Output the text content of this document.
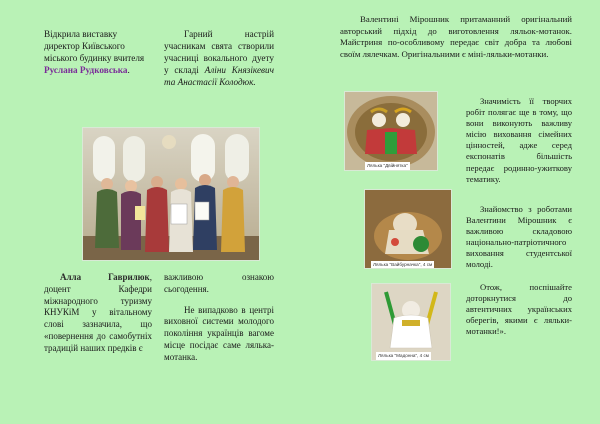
Відкрила виставку директор Київського міського будинку вчителя Руслана Рудковська.
Гарний настрій учасникам свята створили учасниці вокального дуету у складі Аліни Князікевич та Анастасії Колодюк.
Алла Гаврилюк, доцент Кафедри міжнародного туризму КНУКіМ у вітальному слові зазначила, що «повернення до самобутніх традицій наших предків є
важливою ознакою сьогодення.
Не випадково в центрі виховної системи молодого покоління українців вагоме місце посідає саме лялька-мотанка.
Валентині Мірошник притаманний оригінальний авторський підхід до виготовлення ляльок-мотанок. Майстриня по-особливому передає світ добра та любові своїм лялечкам. Оригінальними є міні-ляльки-мотанки.
Лялька "Двійнятка"
Значимість її творчих робіт полягає ще в тому, що вони виконують важливу місію виховання сімейних цінностей, адже серед експонатів більшість передає родинно-ужиткову тематику.
Лялька "Вайбурначка", 4 см
Знайомство з роботами Валентини Мірошник є важливою складовою національно-патріотичного виховання студентської молоді.
Лялька "Мадонна", 4 см
Отож, поспішайте доторкнутися до автентичних українських оберегів, якими є ляльки-мотанки!».
